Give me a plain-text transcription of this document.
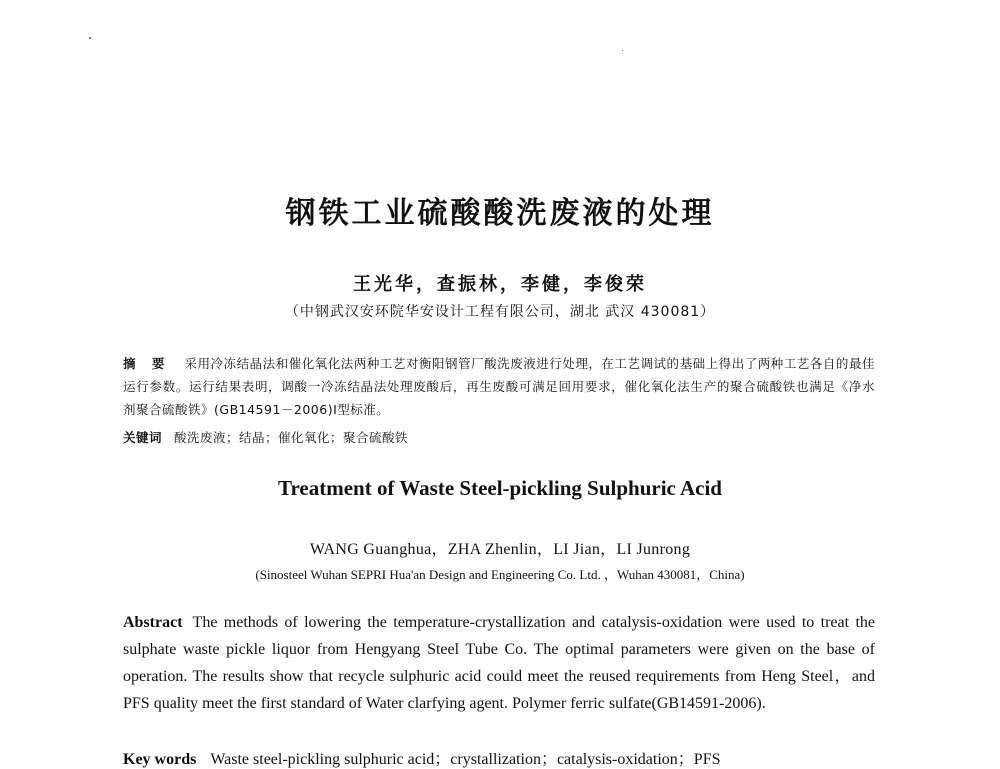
钢铁工业硫酸酸洗废液的处理
王光华，查振林，李健，李俊荣
（中钢武汉安环院华安设计工程有限公司，湖北 武汉 430081）
摘 要 采用冷冻结晶法和催化氧化法两种工艺对衡阳钢管厂酸洗废液进行处理，在工艺调试的基础上得出了两种工艺各自的最佳运行参数。运行结果表明，调酸一冷冻结晶法处理废酸后，再生废酸可满足回用要求，催化氧化法生产的聚合硫酸铁也满足《净水剂聚合硫酸铁》(GB14591－2006)Ⅰ型标准。
关键词 酸洗废液；结晶；催化氧化；聚合硫酸铁
Treatment of Waste Steel-pickling Sulphuric Acid
WANG Guanghua，ZHA Zhenlin，LI Jian，LI Junrong
(Sinosteel Wuhan SEPRI Hua'an Design and Engineering Co. Ltd. ，Wuhan 430081，China)
Abstract The methods of lowering the temperature-crystallization and catalysis-oxidation were used to treat the sulphate waste pickle liquor from Hengyang Steel Tube Co. The optimal parameters were given on the base of operation. The results show that recycle sulphuric acid could meet the reused requirements from Heng Steel，and PFS quality meet the first standard of Water clarfying agent. Polymer ferric sulfate(GB14591-2006).
Key words Waste steel-pickling sulphuric acid；crystallization；catalysis-oxidation；PFS
